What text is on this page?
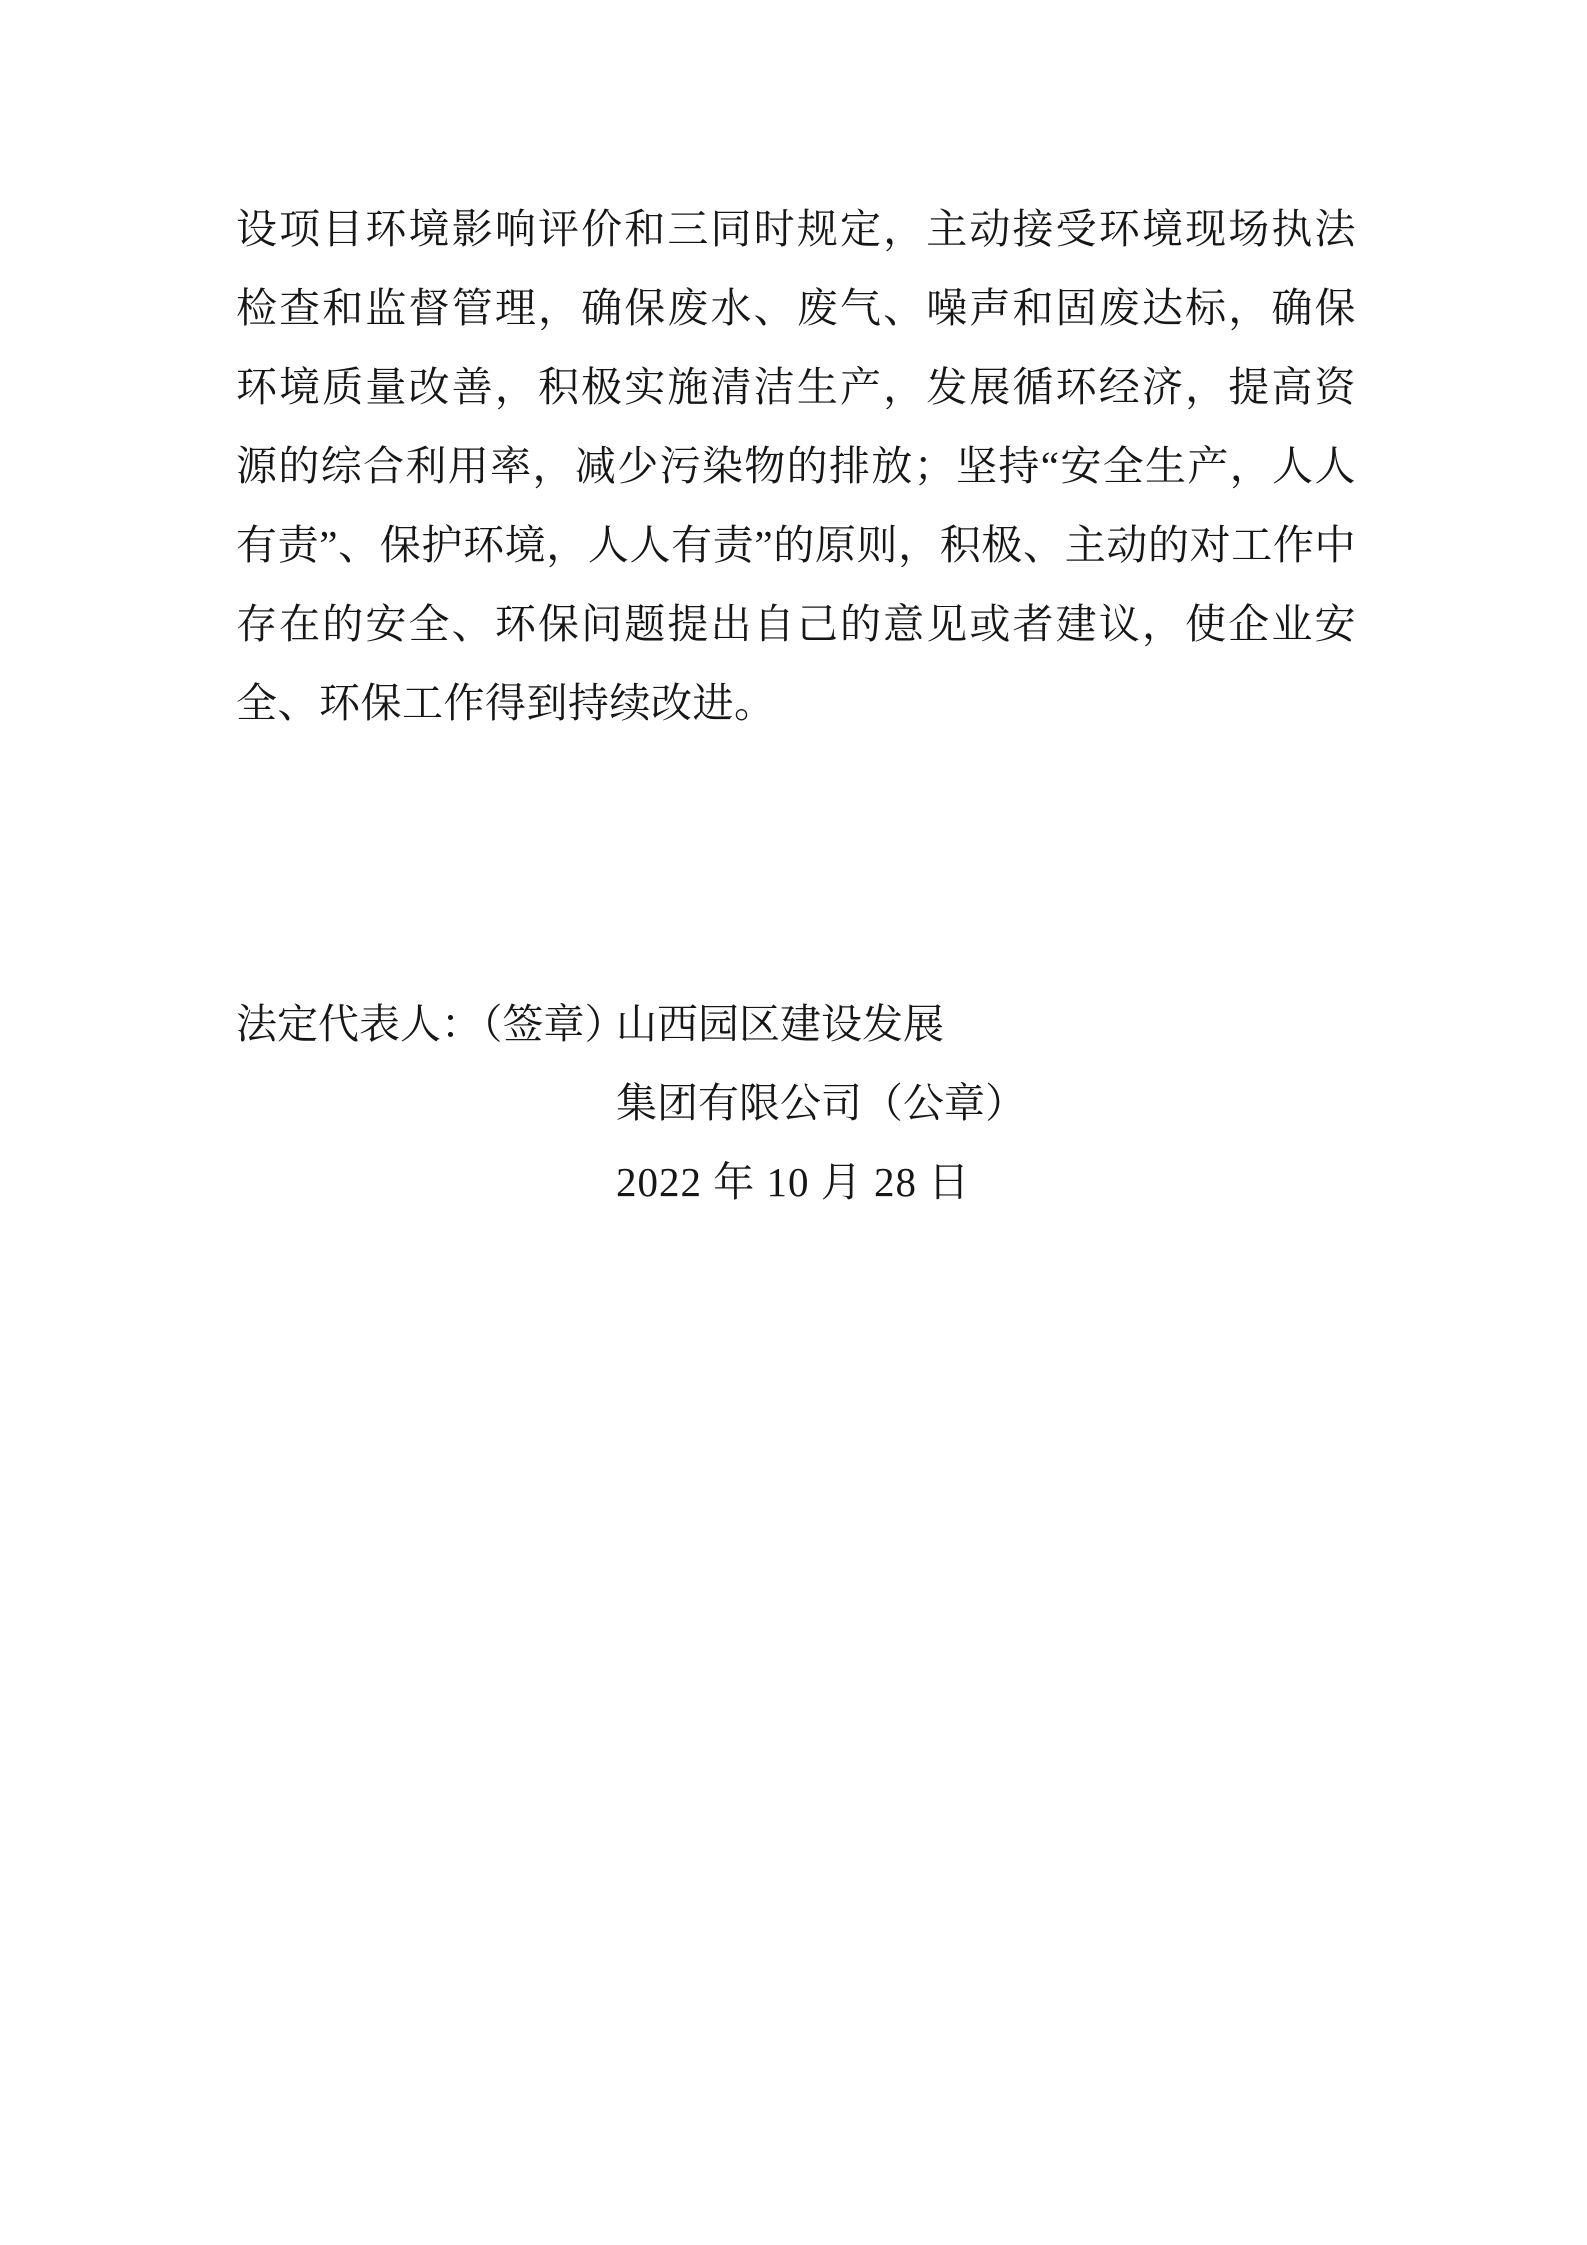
设项目环境影响评价和三同时规定，主动接受环境现场执法检查和监督管理，确保废水、废气、噪声和固废达标，确保环境质量改善，积极实施清洁生产，发展循环经济，提高资源的综合利用率，减少污染物的排放；坚持“安全生产，人人有责”、保护环境，人人有责”的原则，积极、主动的对工作中存在的安全、环保问题提出自己的意见或者建议，使企业安全、环保工作得到持续改进。
法定代表人：（签章）
山西园区建设发展
集团有限公司（公章）
2022 年 10 月 28 日
